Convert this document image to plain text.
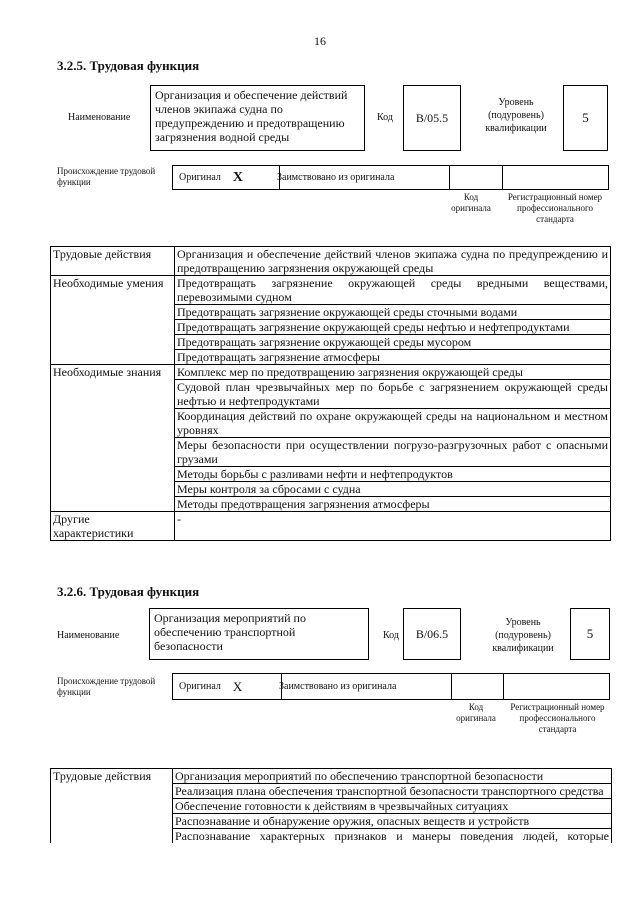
16
3.2.5. Трудовая функция
Наименование
Организация и обеспечение действий членов экипажа судна по предупреждению и предотвращению загрязнения водной среды
Код B/05.5
Уровень (подуровень) квалификации
5
Происхождение трудовой функции	Оригинал X	Заимствовано из оригинала
Код оригинала
Регистрационный номер профессионального стандарта
Трудовые действия	Организация и обеспечение действий членов экипажа судна по предупреждению и предотвращению загрязнения окружающей среды
Необходимые умения	Предотвращать загрязнение окружающей среды вредными веществами, перевозимыми судном
	Предотвращать загрязнение окружающей среды сточными водами
	Предотвращать загрязнение окружающей среды нефтью и нефтепродуктами
	Предотвращать загрязнение окружающей среды мусором
	Предотвращать загрязнение атмосферы
Необходимые знания	Комплекс мер по предотвращению загрязнения окружающей среды
	Судовой план чрезвычайных мер по борьбе с загрязнением окружающей среды нефтью и нефтепродуктами
	Координация действий по охране окружающей среды на национальном и местном уровнях
	Меры безопасности при осуществлении погрузо-разгрузочных работ с опасными грузами
	Методы борьбы с разливами нефти и нефтепродуктов
	Меры контроля за сбросами с судна
	Методы предотвращения загрязнения атмосферы
Другие характеристики	-
3.2.6. Трудовая функция
Наименование
Организация мероприятий по обеспечению транспортной безопасности
Код B/06.5
Уровень (подуровень) квалификации
5
Происхождение трудовой функции	Оригинал X	Заимствовано из оригинала
Код оригинала
Регистрационный номер профессионального стандарта
Трудовые действия	Организация мероприятий по обеспечению транспортной безопасности
	Реализация плана обеспечения транспортной безопасности транспортного средства
	Обеспечение готовности к действиям в чрезвычайных ситуациях
	Распознавание и обнаружение оружия, опасных веществ и устройств
	Распознавание характерных признаков и манеры поведения людей, которые
